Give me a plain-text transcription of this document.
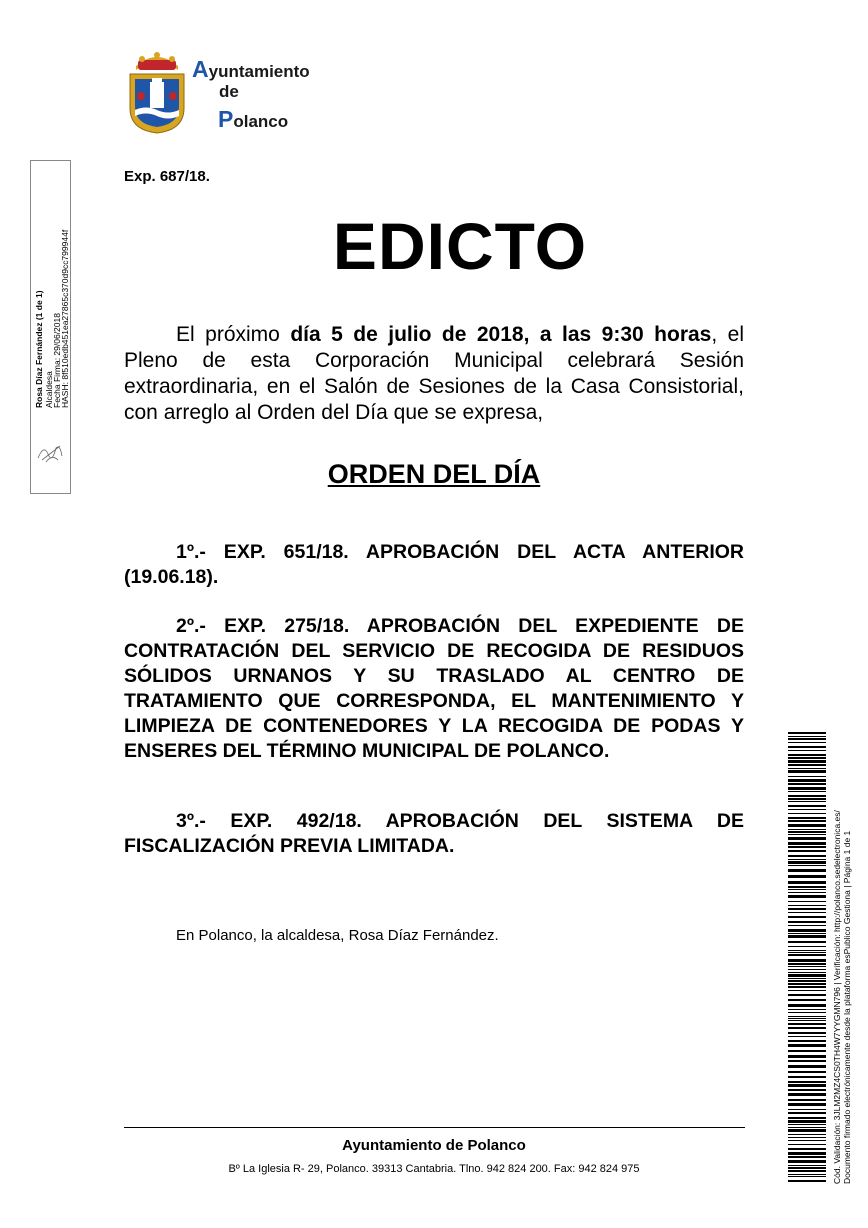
Ayuntamiento
de
Polanco
Rosa Díaz Fernández (1 de 1) Alcaldesa
Fecha Firma: 29/06/2018
HASH: 8f510edb451ea27865c370d9cc799944f
Exp. 687/18.
EDICTO

El próximo día 5 de julio de 2018, a las 9:30 horas, el Pleno de esta Corporación Municipal celebrará Sesión extraordinaria, en el Salón de Sesiones de la Casa Consistorial, con arreglo al Orden del Día que se expresa,

ORDEN DEL DÍA

1º.- EXP. 651/18. APROBACIÓN DEL ACTA ANTERIOR (19.06.18).

2º.- EXP. 275/18. APROBACIÓN DEL EXPEDIENTE DE CONTRATACIÓN DEL SERVICIO DE RECOGIDA DE RESIDUOS SÓLIDOS URNANOS Y SU TRASLADO AL CENTRO DE TRATAMIENTO QUE CORRESPONDA, EL MANTENIMIENTO Y LIMPIEZA DE CONTENEDORES Y LA RECOGIDA DE PODAS Y ENSERES DEL TÉRMINO MUNICIPAL DE POLANCO.

3º.- EXP. 492/18. APROBACIÓN DEL SISTEMA DE FISCALIZACIÓN PREVIA LIMITADA.

En Polanco, la alcaldesa, Rosa Díaz Fernández.
Ayuntamiento de Polanco
Bº La Iglesia R- 29, Polanco. 39313 Cantabria. Tlno. 942 824 200. Fax: 942 824 975	Cód. Validación: 3JLM2MZ4CS0TH4W7YYGMN796 | Verificación: http://polanco.sedelectronica.es/ Documento firmado electrónicamente desde la plataforma esPublico Gestiona | Página 1 de 1
